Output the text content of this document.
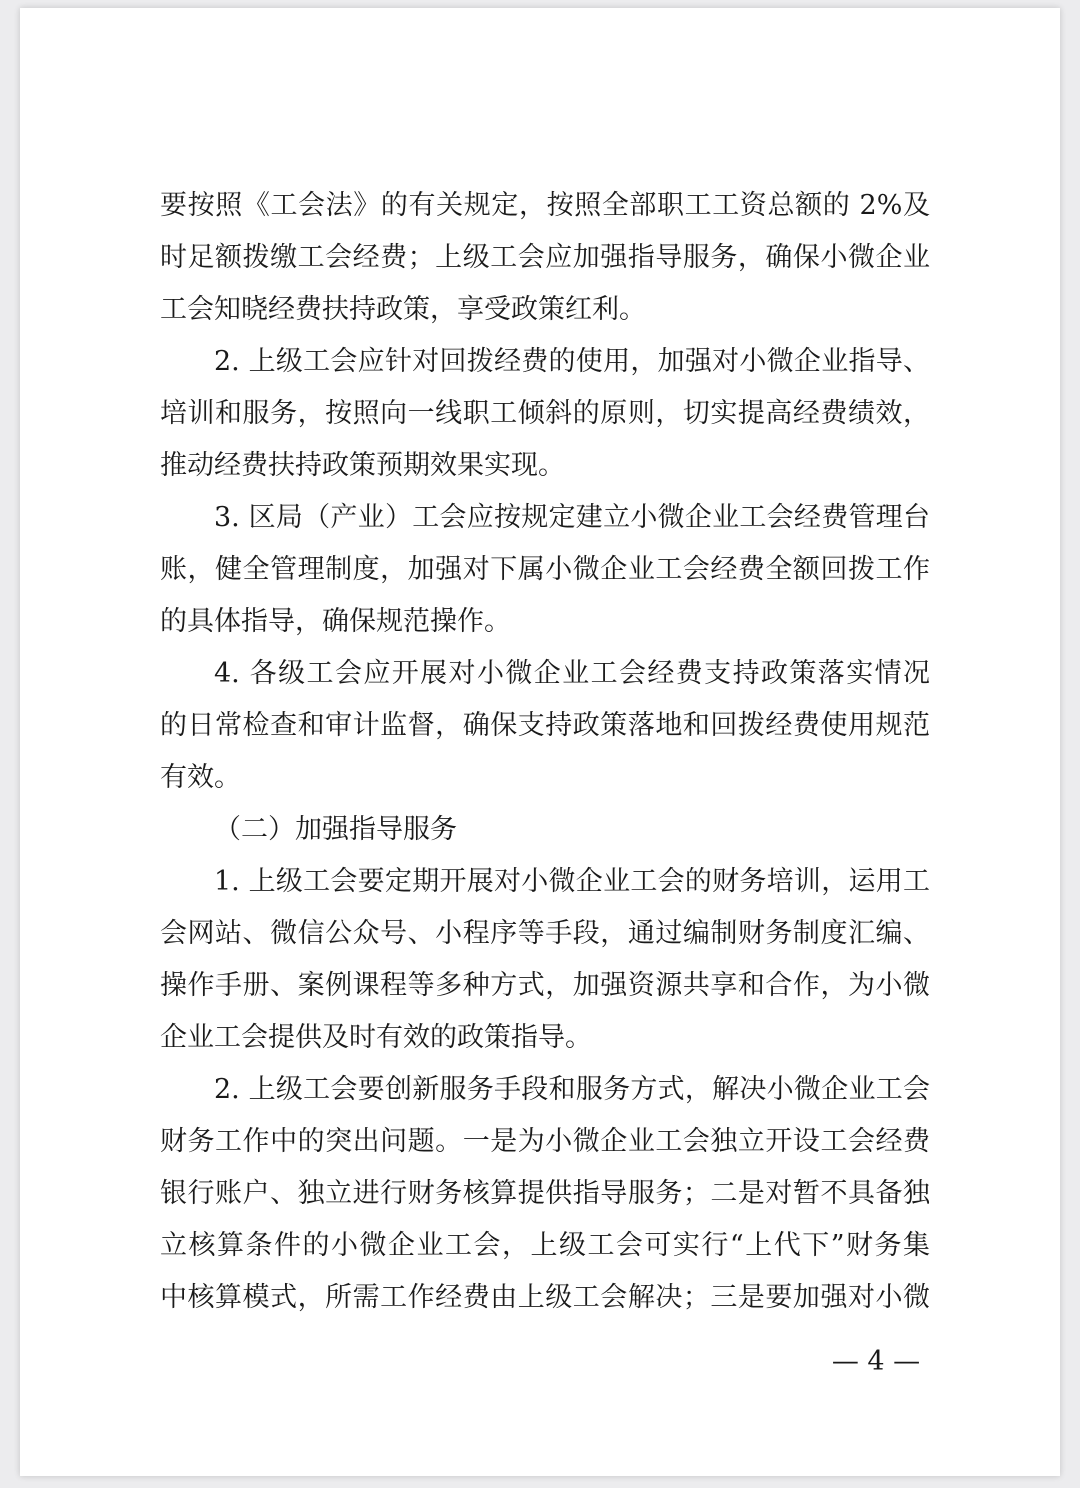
要按照《工会法》的有关规定，按照全部职工工资总额的 2%及
时足额拨缴工会经费；上级工会应加强指导服务，确保小微企业
工会知晓经费扶持政策，享受政策红利。
2. 上级工会应针对回拨经费的使用，加强对小微企业指导、
培训和服务，按照向一线职工倾斜的原则，切实提高经费绩效，
推动经费扶持政策预期效果实现。
3. 区局（产业）工会应按规定建立小微企业工会经费管理台
账，健全管理制度，加强对下属小微企业工会经费全额回拨工作
的具体指导，确保规范操作。
4. 各级工会应开展对小微企业工会经费支持政策落实情况
的日常检查和审计监督，确保支持政策落地和回拨经费使用规范
有效。
（二）加强指导服务
1. 上级工会要定期开展对小微企业工会的财务培训，运用工
会网站、微信公众号、小程序等手段，通过编制财务制度汇编、
操作手册、案例课程等多种方式，加强资源共享和合作，为小微
企业工会提供及时有效的政策指导。
2. 上级工会要创新服务手段和服务方式，解决小微企业工会
财务工作中的突出问题。一是为小微企业工会独立开设工会经费
银行账户、独立进行财务核算提供指导服务；二是对暂不具备独
立核算条件的小微企业工会，上级工会可实行“上代下”财务集
中核算模式，所需工作经费由上级工会解决；三是要加强对小微
— 4 —
